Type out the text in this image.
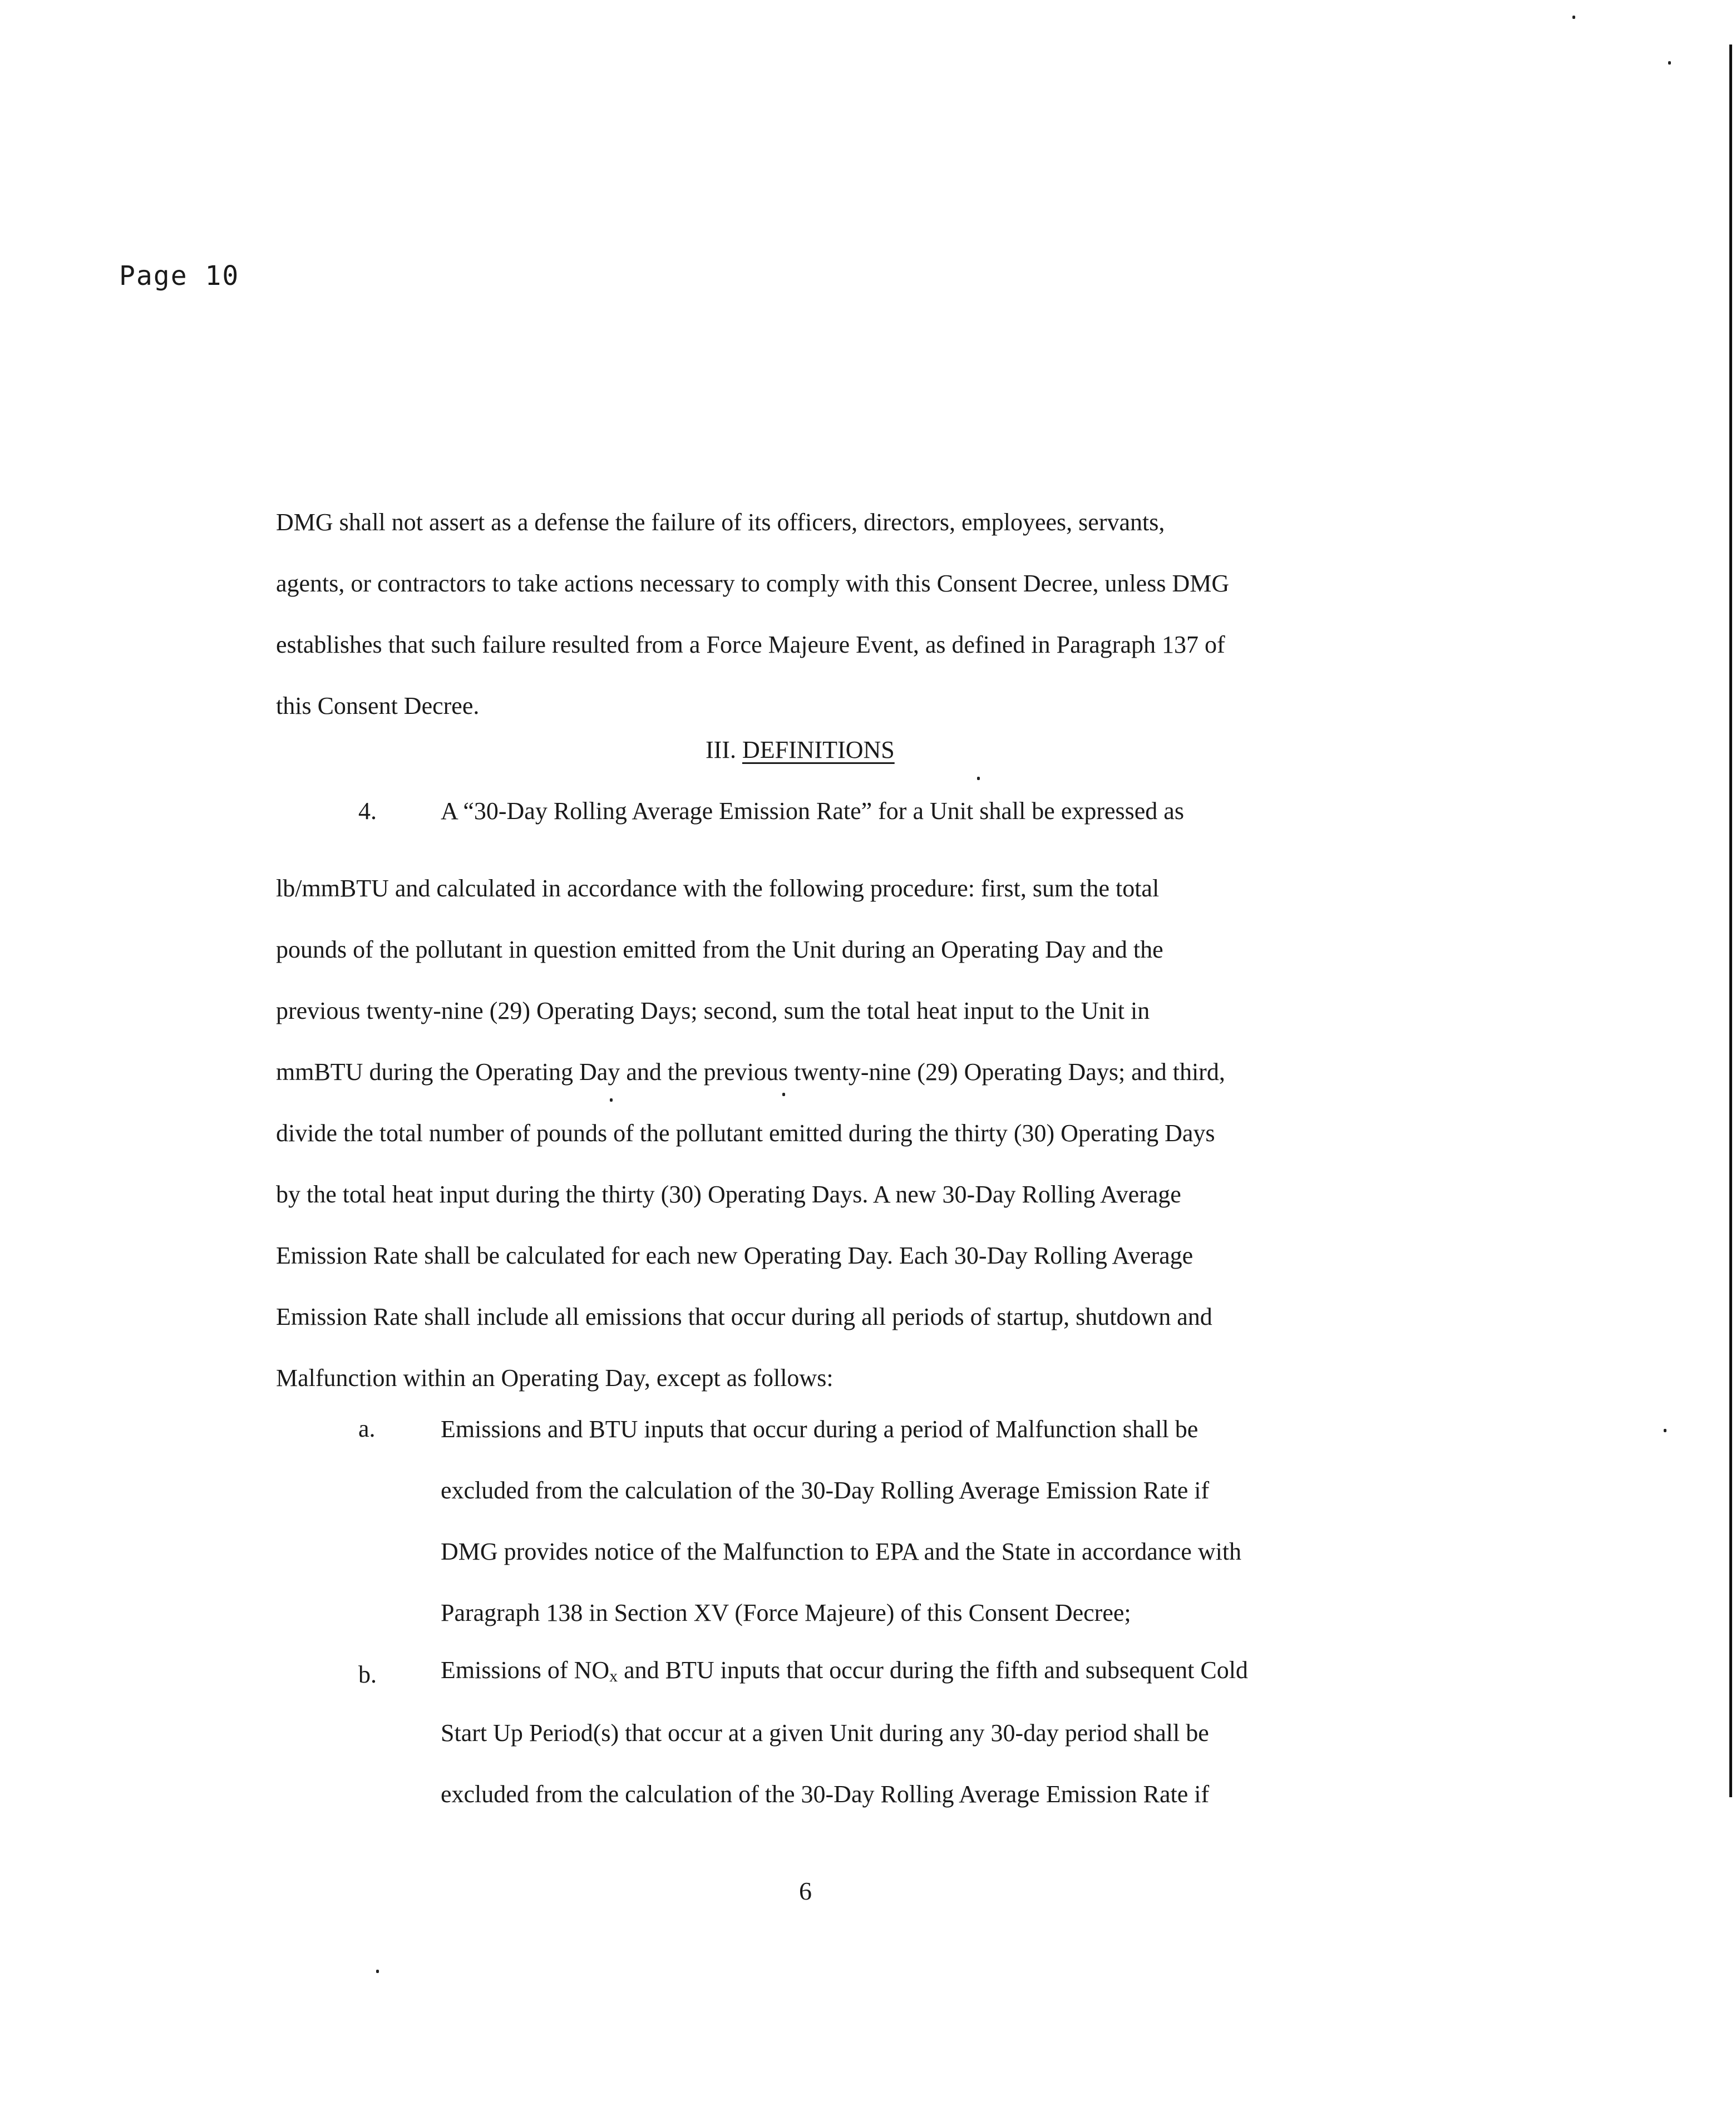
Page 10
DMG shall not assert as a defense the failure of its officers, directors, employees, servants,
agents, or contractors to take actions necessary to comply with this Consent Decree, unless DMG
establishes that such failure resulted from a Force Majeure Event, as defined in Paragraph 137 of
this Consent Decree.
III. DEFINITIONS
4.	A “30-Day Rolling Average Emission Rate” for a Unit shall be expressed as
lb/mmBTU and calculated in accordance with the following procedure: first, sum the total
pounds of the pollutant in question emitted from the Unit during an Operating Day and the
previous twenty-nine (29) Operating Days; second, sum the total heat input to the Unit in
mmBTU during the Operating Day and the previous twenty-nine (29) Operating Days; and third,
divide the total number of pounds of the pollutant emitted during the thirty (30) Operating Days
by the total heat input during the thirty (30) Operating Days. A new 30-Day Rolling Average
Emission Rate shall be calculated for each new Operating Day. Each 30-Day Rolling Average
Emission Rate shall include all emissions that occur during all periods of startup, shutdown and
Malfunction within an Operating Day, except as follows:
a.	Emissions and BTU inputs that occur during a period of Malfunction shall be
excluded from the calculation of the 30-Day Rolling Average Emission Rate if
DMG provides notice of the Malfunction to EPA and the State in accordance with
Paragraph 138 in Section XV (Force Majeure) of this Consent Decree;
b.	Emissions of $NO_x$ and BTU inputs that occur during the fifth and subsequent Cold
Start Up Period(s) that occur at a given Unit during any 30-day period shall be
excluded from the calculation of the 30-Day Rolling Average Emission Rate if
6
